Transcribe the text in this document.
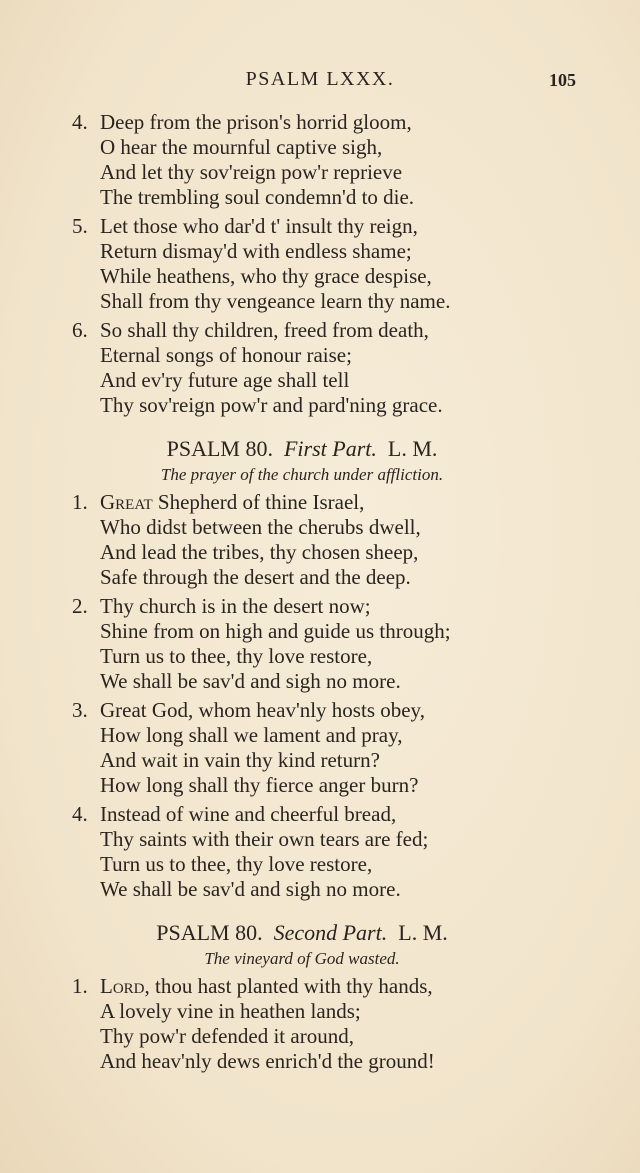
PSALM LXXX.	105
4. Deep from the prison's horrid gloom,
O hear the mournful captive sigh,
And let thy sov'reign pow'r reprieve
The trembling soul condemn'd to die.
5. Let those who dar'd t' insult thy reign,
Return dismay'd with endless shame;
While heathens, who thy grace despise,
Shall from thy vengeance learn thy name.
6. So shall thy children, freed from death,
Eternal songs of honour raise;
And ev'ry future age shall tell
Thy sov'reign pow'r and pard'ning grace.
PSALM 80. First Part. L. M.
The prayer of the church under affliction.
1. Great Shepherd of thine Israel,
Who didst between the cherubs dwell,
And lead the tribes, thy chosen sheep,
Safe through the desert and the deep.
2. Thy church is in the desert now;
Shine from on high and guide us through;
Turn us to thee, thy love restore,
We shall be sav'd and sigh no more.
3. Great God, whom heav'nly hosts obey,
How long shall we lament and pray,
And wait in vain thy kind return?
How long shall thy fierce anger burn?
4. Instead of wine and cheerful bread,
Thy saints with their own tears are fed;
Turn us to thee, thy love restore,
We shall be sav'd and sigh no more.
PSALM 80. Second Part. L. M.
The vineyard of God wasted.
1. Lord, thou hast planted with thy hands,
A lovely vine in heathen lands;
Thy pow'r defended it around,
And heav'nly dews enrich'd the ground!
